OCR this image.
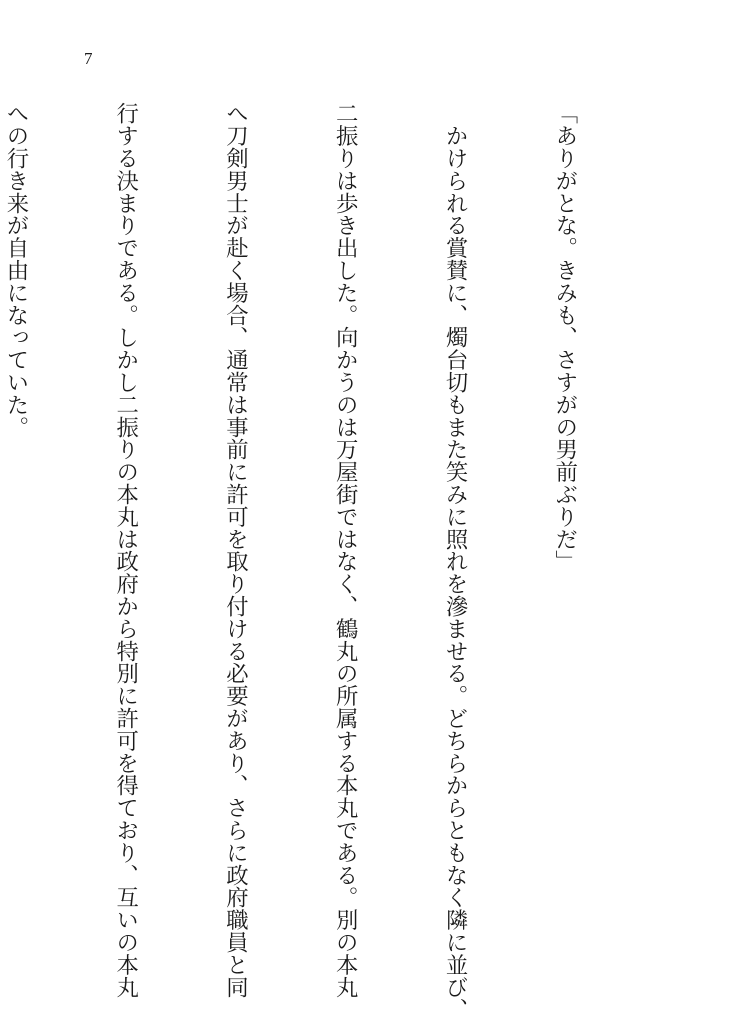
7

「ありがとな。きみも、さすがの男前ぶりだ」

　かけられる賞賛に、燭台切もまた笑みに照れを滲ませる。どちらからともなく隣に並び、

二振りは歩き出した。向かうのは万屋街ではなく、鶴丸の所属する本丸である。別の本丸

へ刀剣男士が赴く場合、通常は事前に許可を取り付ける必要があり、さらに政府職員と同

行する決まりである。しかし二振りの本丸は政府から特別に許可を得ており、互いの本丸

への行き来が自由になっていた。
